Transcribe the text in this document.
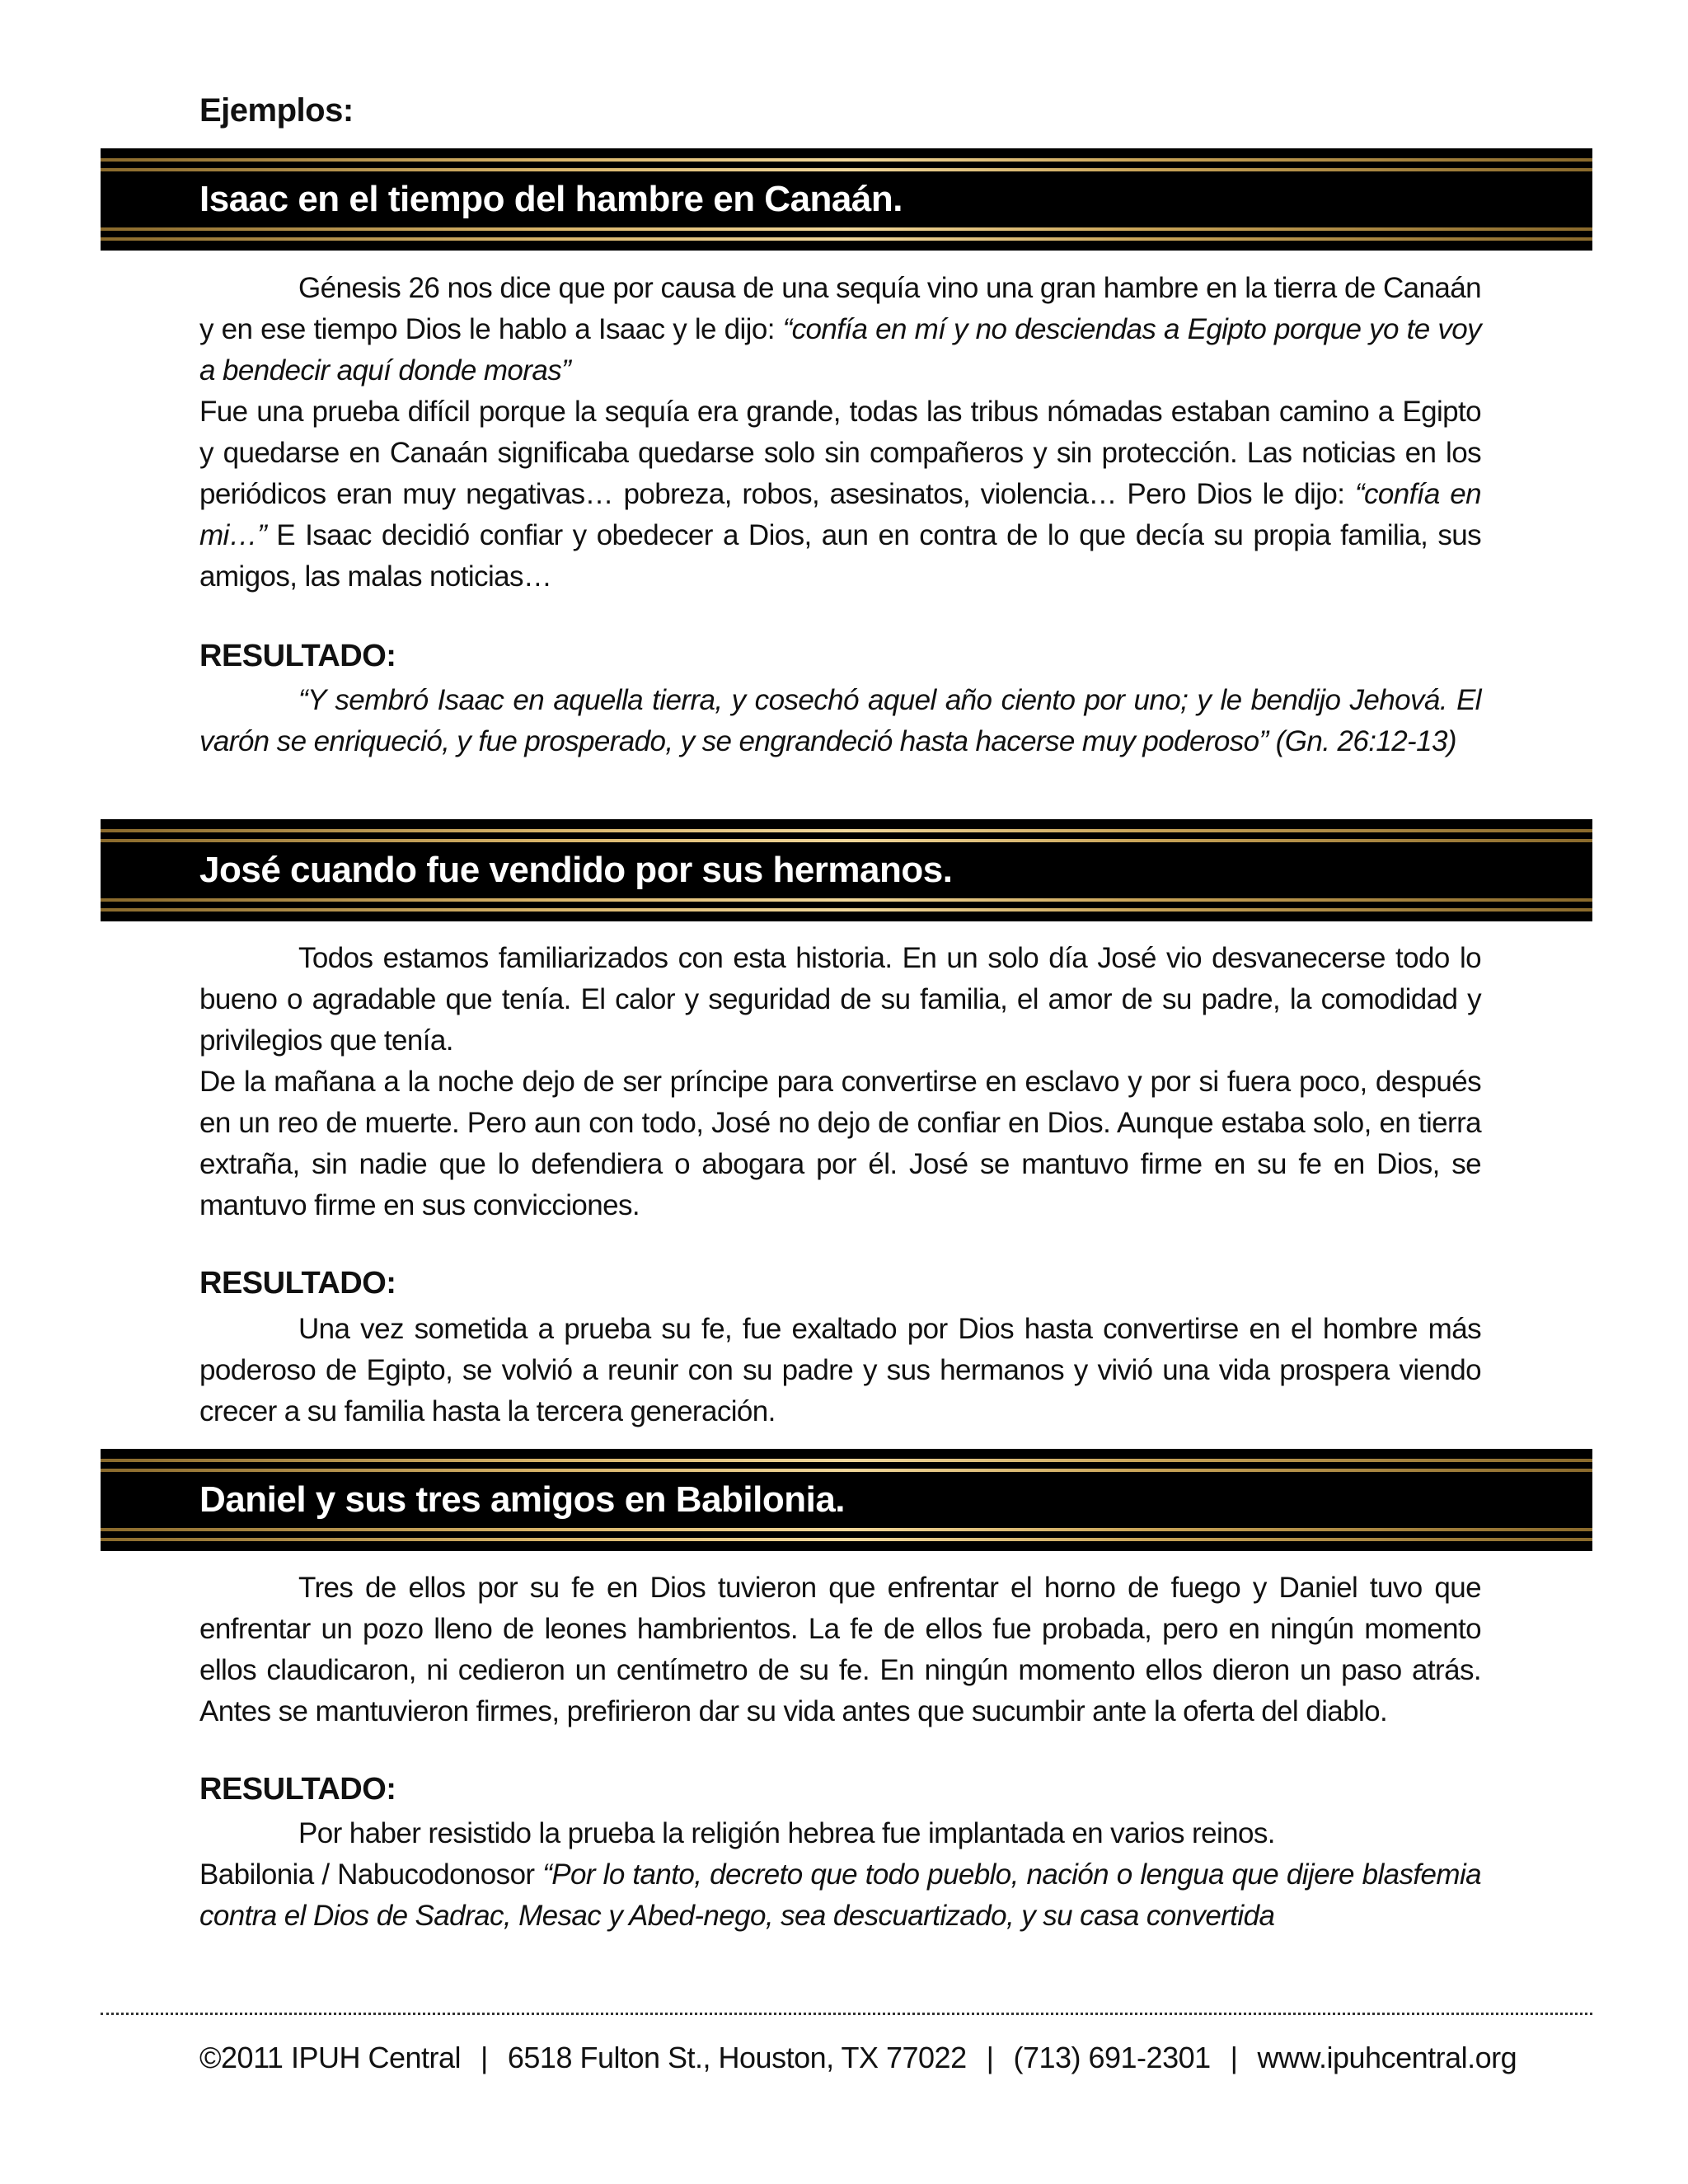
Ejemplos:
Isaac en el tiempo del hambre en Canaán.

Génesis 26 nos dice que por causa de una sequía vino una gran hambre en la tierra de Canaán y en ese tiempo Dios le hablo a Isaac y le dijo: “confía en mí y no desciendas a Egipto porque yo te voy a bendecir aquí donde moras”

Fue una prueba difícil porque la sequía era grande, todas las tribus nómadas estaban camino a Egipto y quedarse en Canaán significaba quedarse solo sin compañeros y sin protección. Las noticias en los periódicos eran muy negativas… pobreza, robos, asesinatos, violencia… Pero Dios le dijo: “confía en mi…” E Isaac decidió confiar y obedecer a Dios, aun en contra de lo que decía su propia familia, sus amigos, las malas noticias…

RESULTADO:

“Y sembró Isaac en aquella tierra, y cosechó aquel año ciento por uno; y le bendijo Jehová. El varón se enriqueció, y fue prosperado, y se engrandeció hasta hacerse muy poderoso” (Gn. 26:12-13)

José cuando fue vendido por sus hermanos.

Todos estamos familiarizados con esta historia. En un solo día José vio desvanecerse todo lo bueno o agradable que tenía. El calor y seguridad de su familia, el amor de su padre, la comodidad y privilegios que tenía.

De la mañana a la noche dejo de ser príncipe para convertirse en esclavo y por si fuera poco, después en un reo de muerte. Pero aun con todo, José no dejo de confiar en Dios. Aunque estaba solo, en tierra extraña, sin nadie que lo defendiera o abogara por él. José se mantuvo firme en su fe en Dios, se mantuvo firme en sus convicciones.

RESULTADO:

Una vez sometida a prueba su fe, fue exaltado por Dios hasta convertirse en el hombre más poderoso de Egipto, se volvió a reunir con su padre y sus hermanos y vivió una vida prospera viendo crecer a su familia hasta la tercera generación.

Daniel y sus tres amigos en Babilonia.

Tres de ellos por su fe en Dios tuvieron que enfrentar el horno de fuego y Daniel tuvo que enfrentar un pozo lleno de leones hambrientos. La fe de ellos fue probada, pero en ningún momento ellos claudicaron, ni cedieron un centímetro de su fe. En ningún momento ellos dieron un paso atrás. Antes se mantuvieron firmes, prefirieron dar su vida antes que sucumbir ante la oferta del diablo.

RESULTADO:

Por haber resistido la prueba la religión hebrea fue implantada en varios reinos.

Babilonia / Nabucodonosor “Por lo tanto, decreto que todo pueblo, nación o lengua que dijere blasfemia contra el Dios de Sadrac, Mesac y Abed-nego, sea descuartizado, y su casa convertida

©2011 IPUH Central | 6518 Fulton St., Houston, TX 77022 | (713) 691-2301 | www.ipuhcentral.org
